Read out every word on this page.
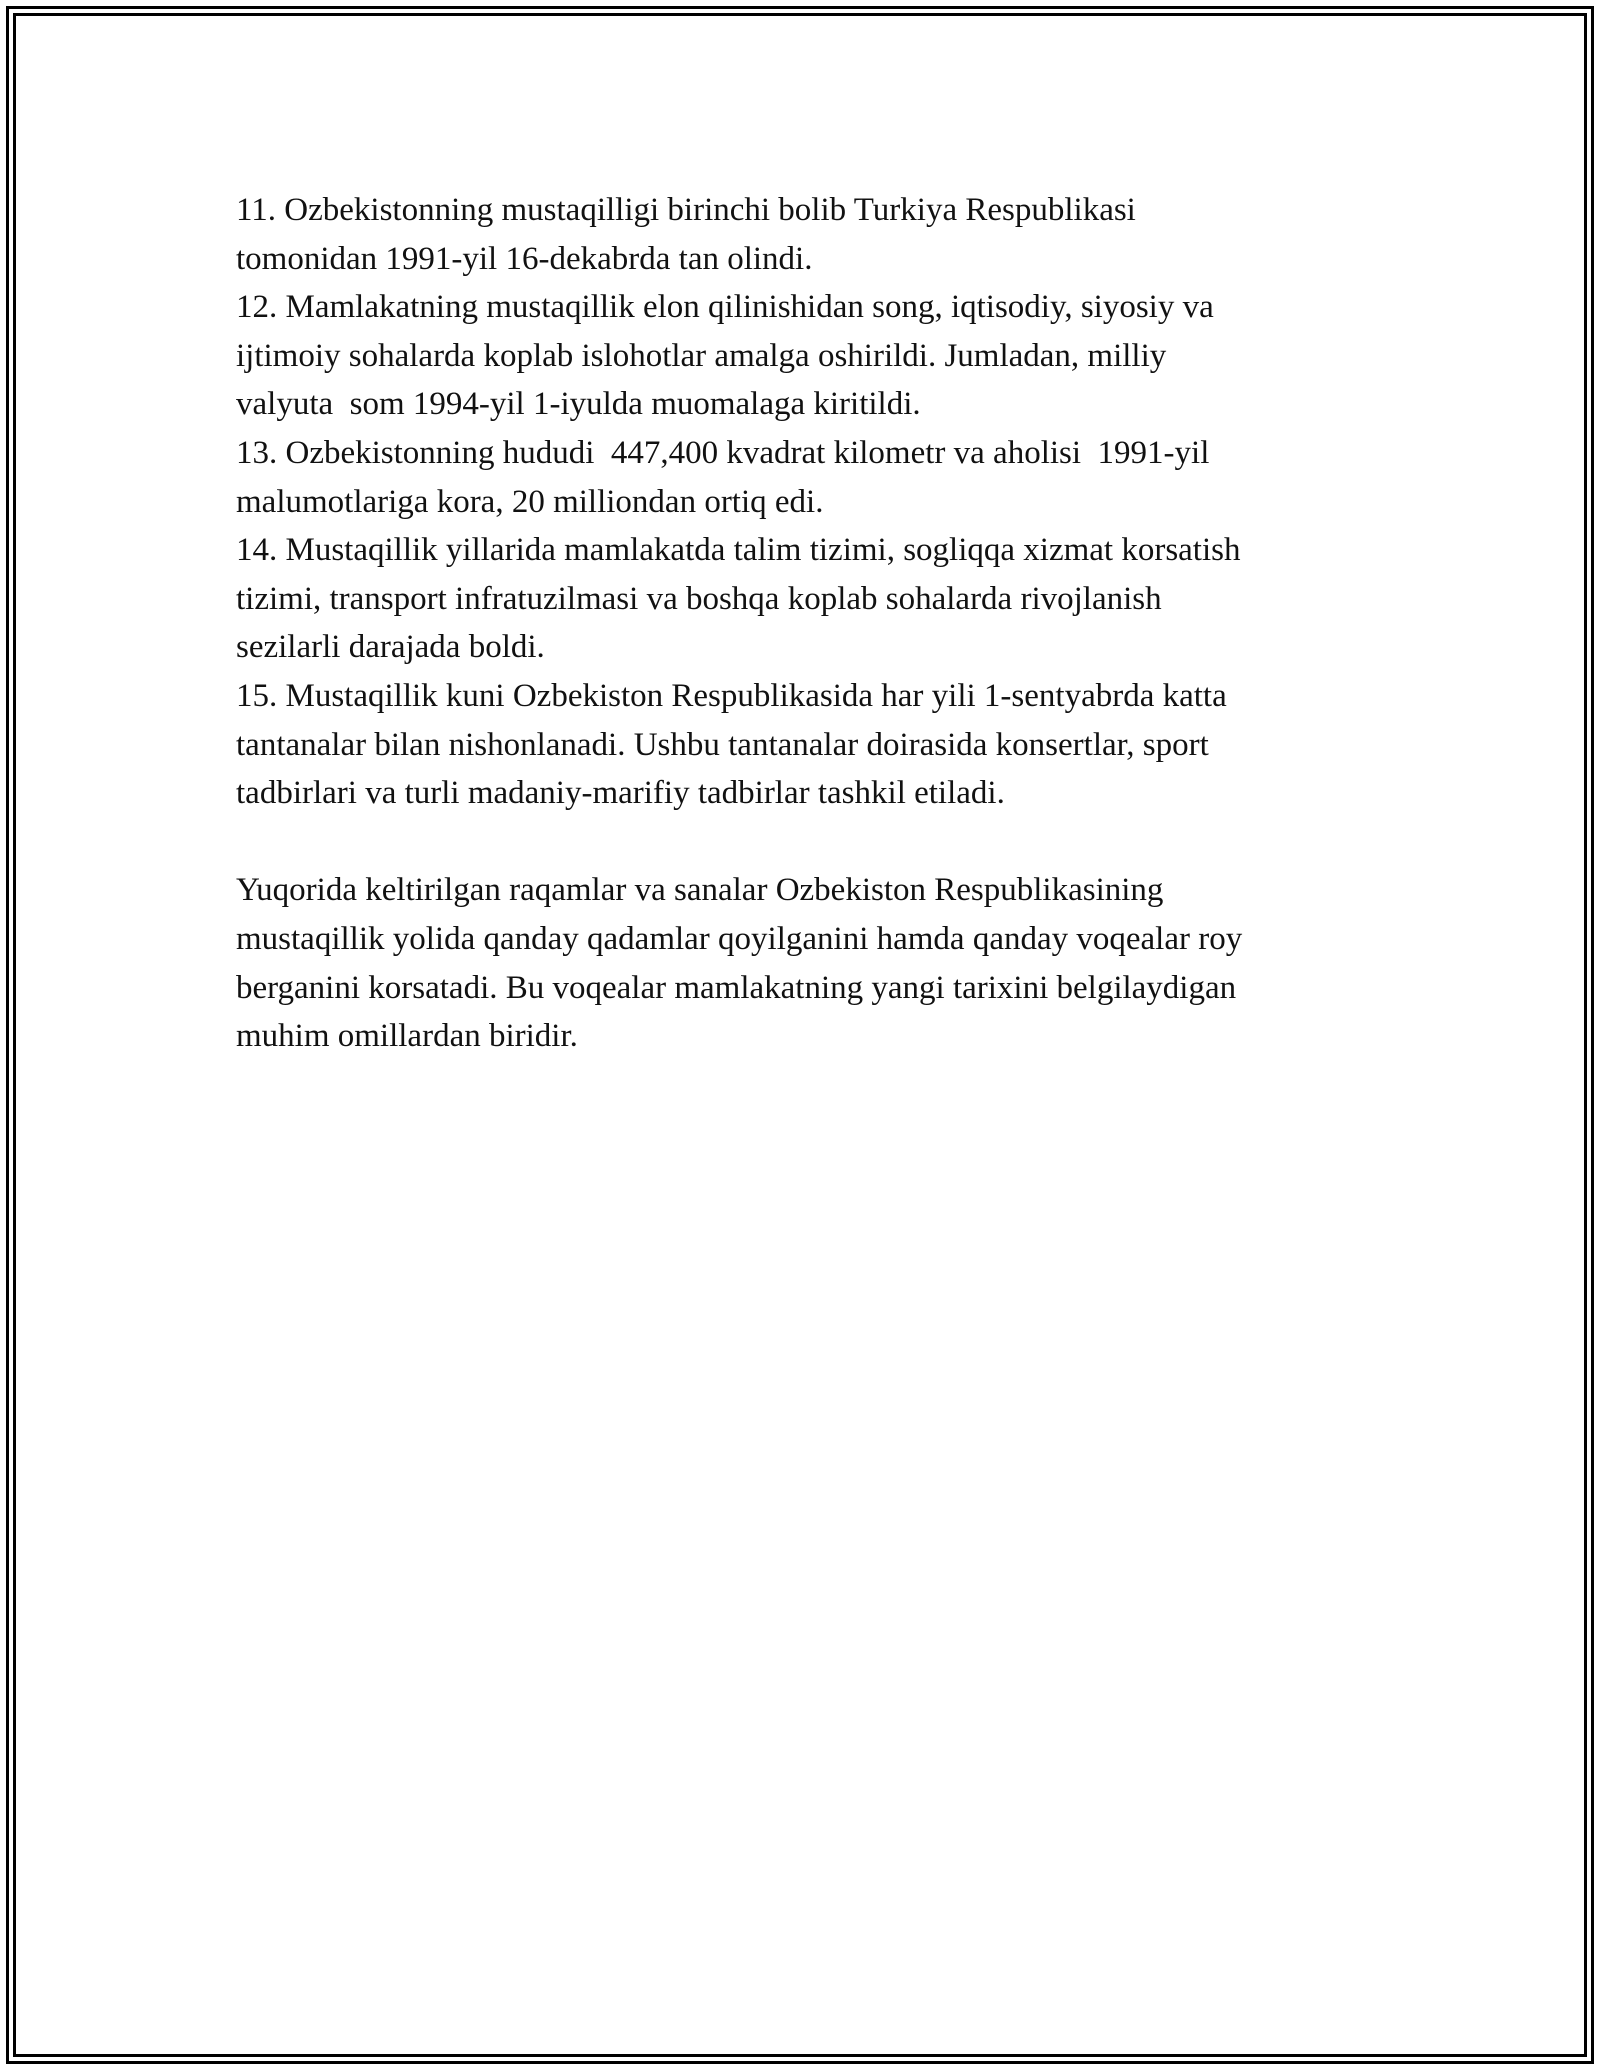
11. Ozbekistonning mustaqilligi birinchi bolib Turkiya Respublikasi
tomonidan 1991-yil 16-dekabrda tan olindi.
12. Mamlakatning mustaqillik elon qilinishidan song, iqtisodiy, siyosiy va
ijtimoiy sohalarda koplab islohotlar amalga oshirildi. Jumladan, milliy
valyuta  som 1994-yil 1-iyulda muomalaga kiritildi.
13. Ozbekistonning hududi  447,400 kvadrat kilometr va aholisi  1991-yil
malumotlariga kora, 20 milliondan ortiq edi.
14. Mustaqillik yillarida mamlakatda talim tizimi, sogliqqa xizmat korsatish
tizimi, transport infratuzilmasi va boshqa koplab sohalarda rivojlanish
sezilarli darajada boldi.
15. Mustaqillik kuni Ozbekiston Respublikasida har yili 1-sentyabrda katta
tantanalar bilan nishonlanadi. Ushbu tantanalar doirasida konsertlar, sport
tadbirlari va turli madaniy-marifiy tadbirlar tashkil etiladi.
Yuqorida keltirilgan raqamlar va sanalar Ozbekiston Respublikasining
mustaqillik yolida qanday qadamlar qoyilganini hamda qanday voqealar roy
berganini korsatadi. Bu voqealar mamlakatning yangi tarixini belgilaydigan
muhim omillardan biridir.
